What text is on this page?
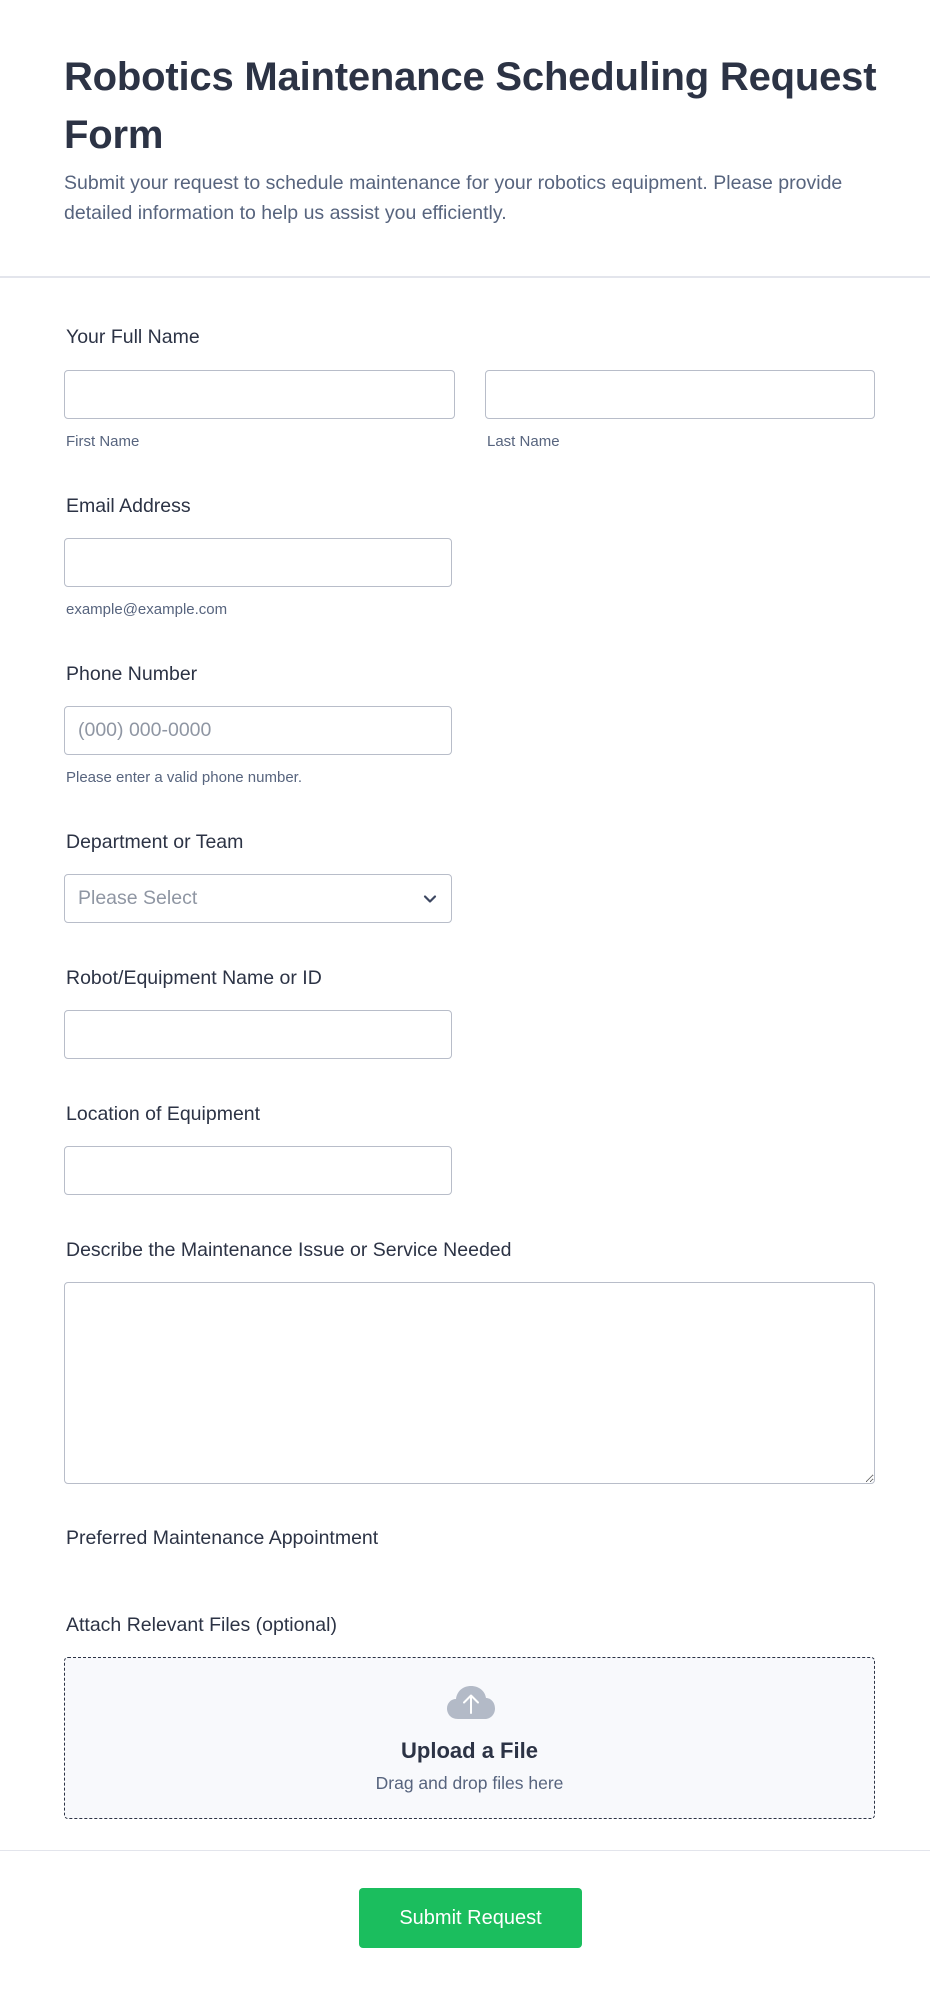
Robotics Maintenance Scheduling Request Form

Submit your request to schedule maintenance for your robotics equipment. Please provide detailed information to help us assist you efficiently.

Your Full Name
First Name	Last Name
Email Address
example@example.com
Phone Number
(000) 000-0000
Please enter a valid phone number.
Department or Team
Please Select
Robot/Equipment Name or ID
Location of Equipment
Describe the Maintenance Issue or Service Needed
Preferred Maintenance Appointment
Attach Relevant Files (optional)
Upload a File
Drag and drop files here
Submit Request
